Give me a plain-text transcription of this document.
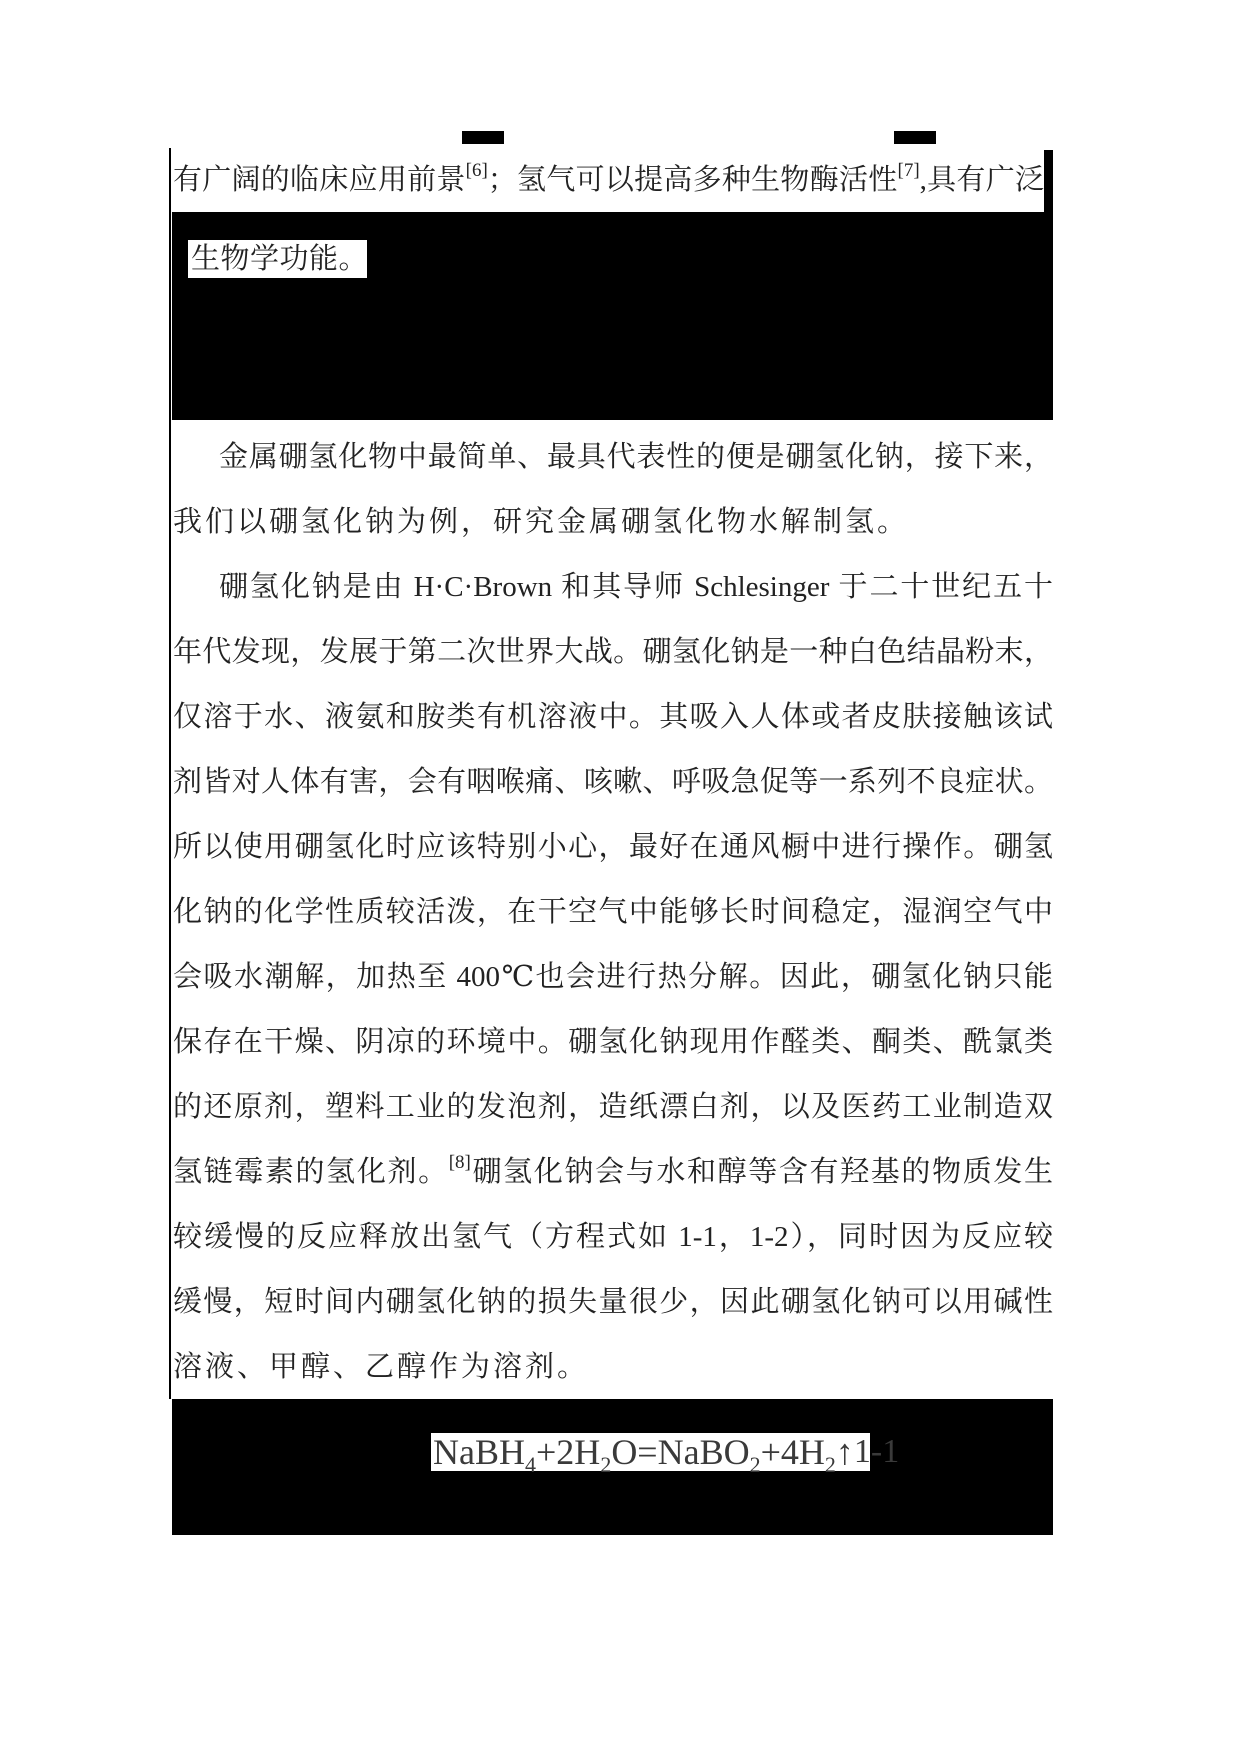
有广阔的临床应用前景
[6]；氢气可以提高多种生物酶活性
[7],具有广泛
生物学功能。
金属硼氢化物中最简单、最具代表性的便是硼氢化钠，接下来，
我们以硼氢化钠为例，研究金属硼氢化物水解制氢。
硼氢化钠是由 H·C·Brown 和其导师 Schlesinger 于二十世纪五十
年代发现，发展于第二次世界大战。硼氢化钠是一种白色结晶粉末，
仅溶于水、液氨和胺类有机溶液中。其吸入人体或者皮肤接触该试
剂皆对人体有害，会有咽喉痛、咳嗽、呼吸急促等一系列不良症状。
所以使用硼氢化时应该特别小心，最好在通风橱中进行操作。硼氢
化钠的化学性质较活泼，在干空气中能够长时间稳定，湿润空气中
会吸水潮解，加热至 400℃也会进行热分解。因此，硼氢化钠只能
保存在干燥、阴凉的环境中。硼氢化钠现用作醛类、酮类、酰氯类
的还原剂，塑料工业的发泡剂，造纸漂白剂，以及医药工业制造双
氢链霉素的氢化剂。[8]硼氢化钠会与水和醇等含有羟基的物质发生
较缓慢的反应释放出氢气（方程式如 1-1，1-2），同时因为反应较
缓慢，短时间内硼氢化钠的损失量很少，因此硼氢化钠可以用碱性
溶液、甲醇、乙醇作为溶剂。
$NaBH_4+2H_2O=NaBO_2+4H_2↑$ 1-1
